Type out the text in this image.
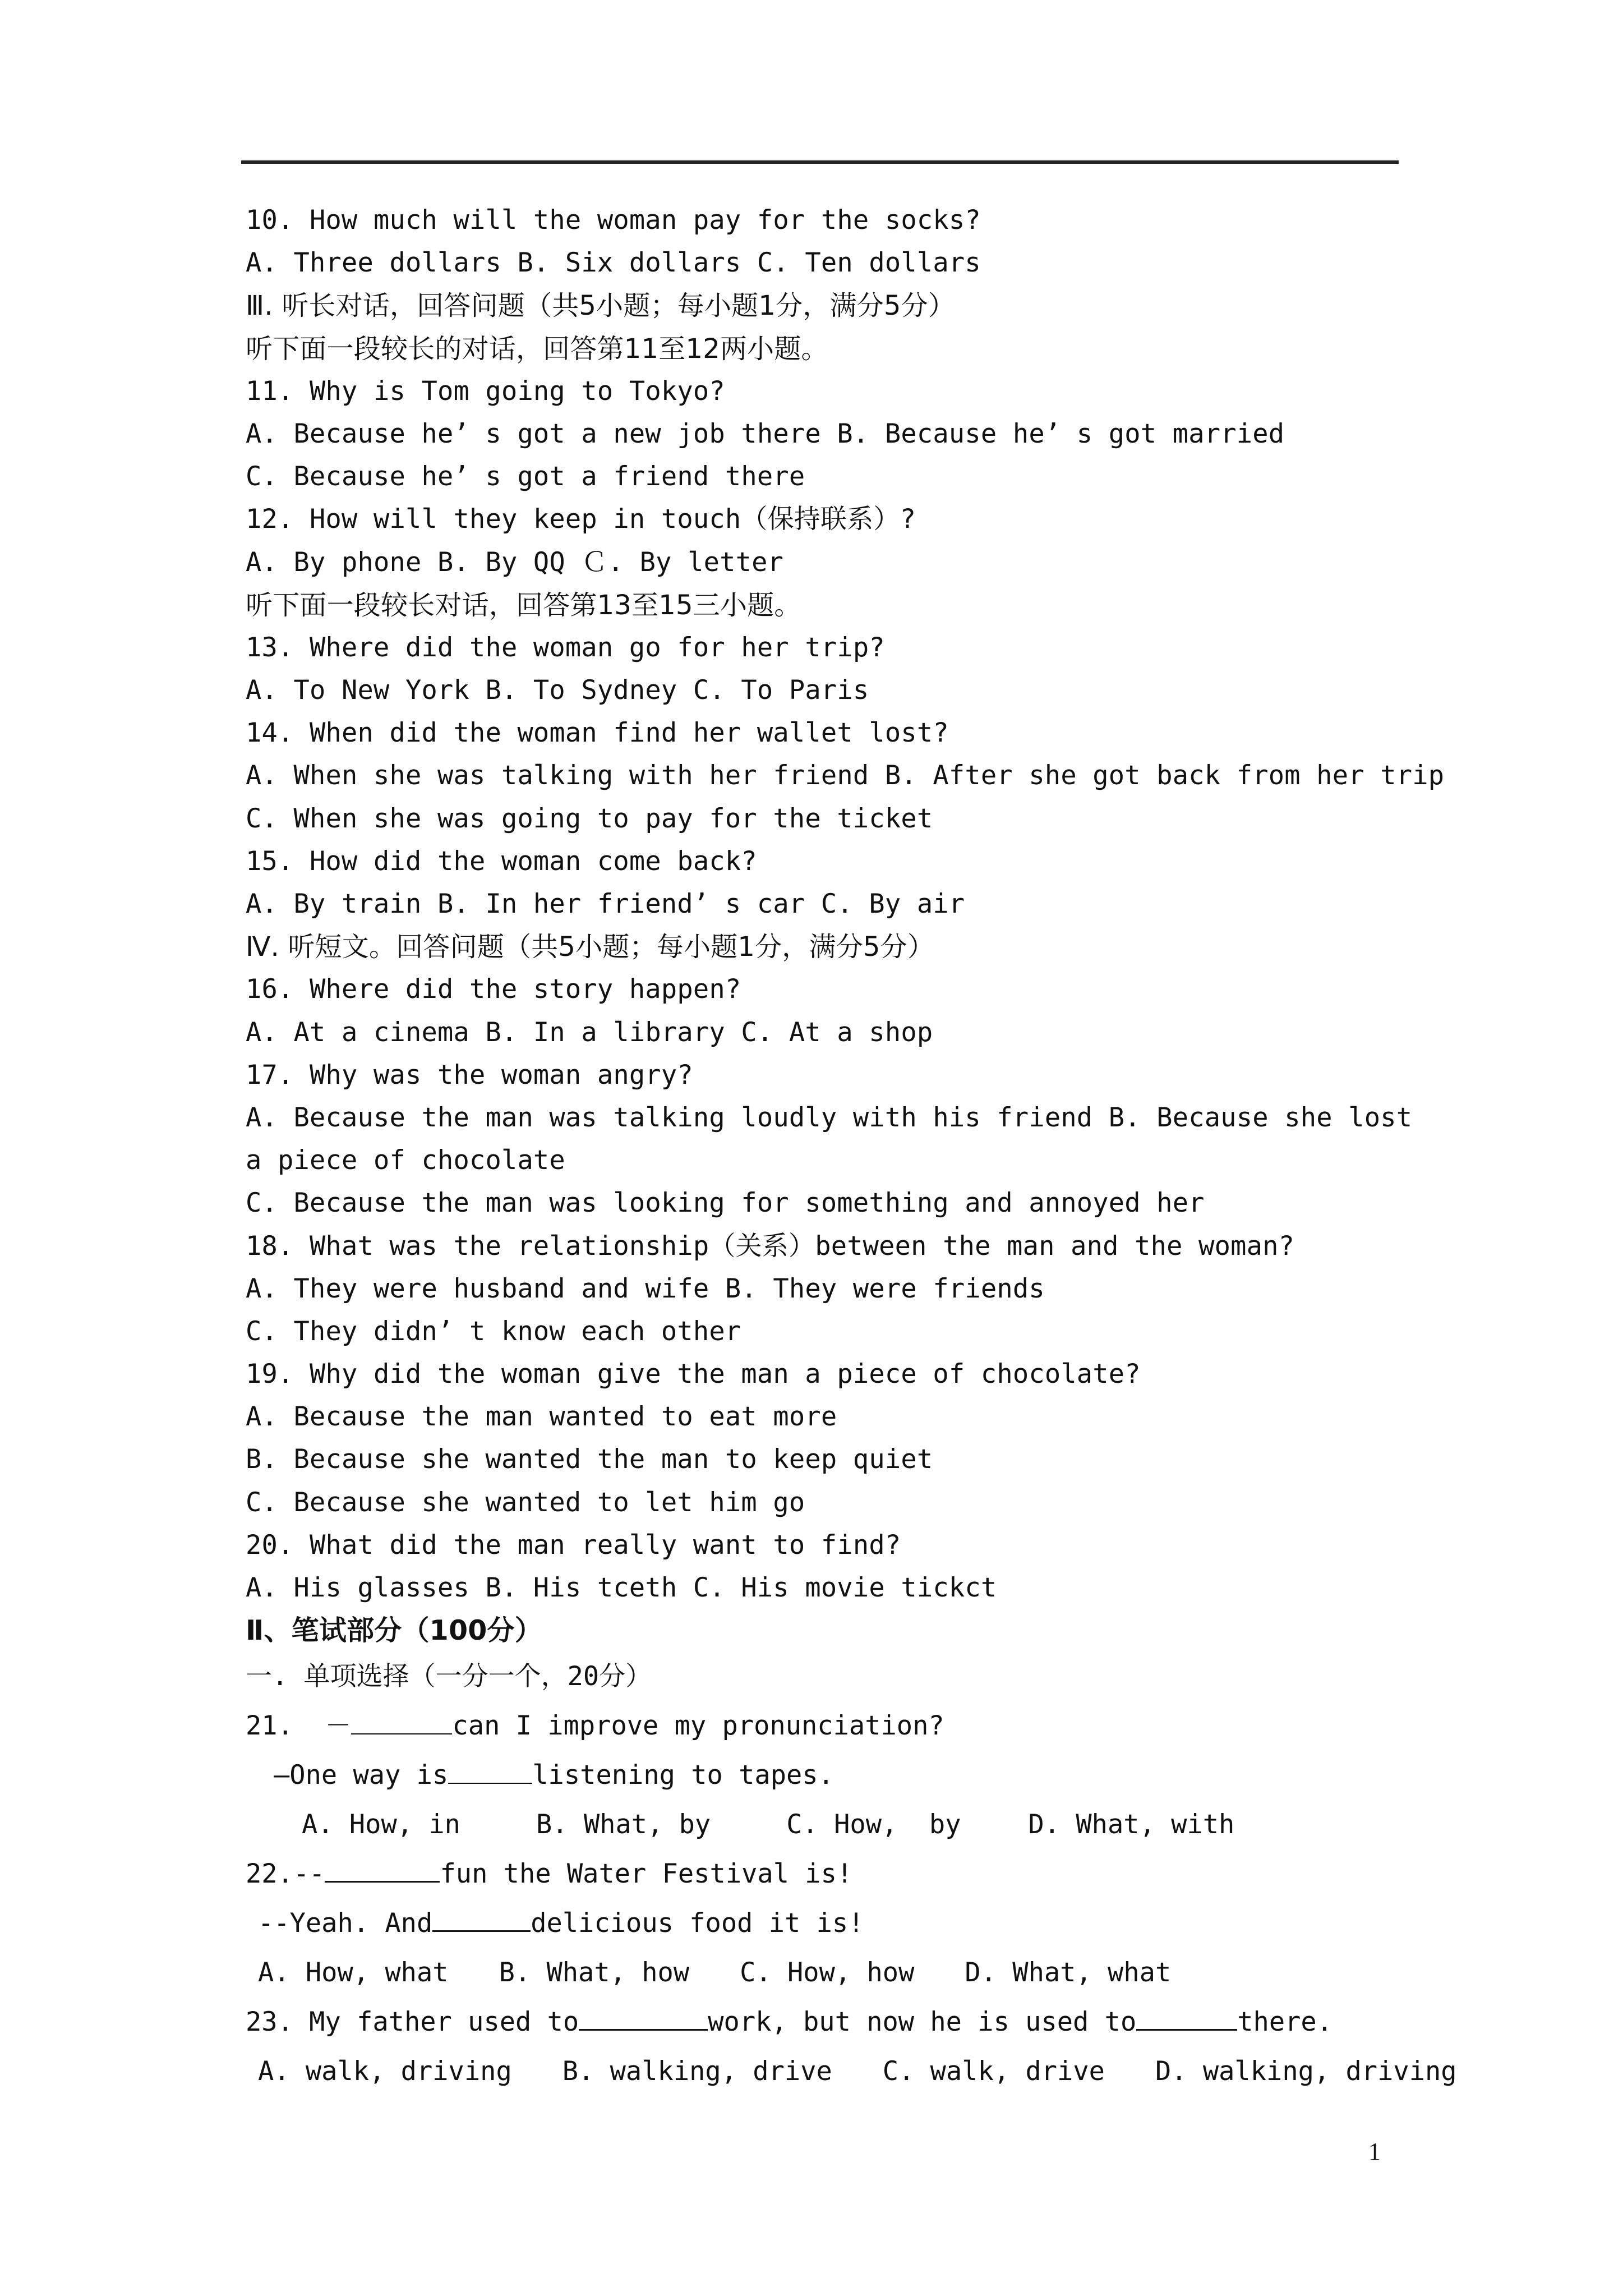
10. How much will the woman pay for the socks?
A. Three dollars B. Six dollars C. Ten dollars
Ⅲ. 听长对话，回答问题（共5小题；每小题1分，满分5分）
听下面一段较长的对话，回答第11至12两小题。
11. Why is Tom going to Tokyo?
A. Because he’ s got a new job there B. Because he’ s got married
C. Because he’ s got a friend there
12. How will they keep in touch（保持联系）?
A. By phone B. By QQ Ｃ. By letter
听下面一段较长对话，回答第13至15三小题。
13. Where did the woman go for her trip?
A. To New York B. To Sydney C. To Paris
14. When did the woman find her wallet lost?
A. When she was talking with her friend B. After she got back from her trip
C. When she was going to pay for the ticket
15. How did the woman come back?
A. By train B. In her friend’ s car C. By air
Ⅳ. 听短文。回答问题（共5小题；每小题1分，满分5分）
16. Where did the story happen?
A. At a cinema B. In a library C. At a shop
17. Why was the woman angry?
A. Because the man was talking loudly with his friend B. Because she lost a piece of chocolate
C. Because the man was looking for something and annoyed her
18. What was the relationship（关系）between the man and the woman?
A. They were husband and wife B. They were friends
C. They didn’ t know each other
19. Why did the woman give the man a piece of chocolate?
A. Because the man wanted to eat more
B. Because she wanted the man to keep quiet
C. Because she wanted to let him go
20. What did the man really want to find?
A. His glasses B. His tceth C. His movie tickct
Ⅱ、笔试部分（100分）
一. 单项选择（一分一个，20分）
21.  －	can I improve my pronunciation?
—One way is	listening to tapes.
A. How, in	B. What, by	C. How,  by	D. What, with
22.--	fun the Water Festival is!
--Yeah. And	delicious food it is!
A. How, what B. What, how C. How, how D. What, what
23. My father used to	work, but now he is used to	there.
A. walk, driving B. walking, drive C. walk, drive D. walking, driving
1
